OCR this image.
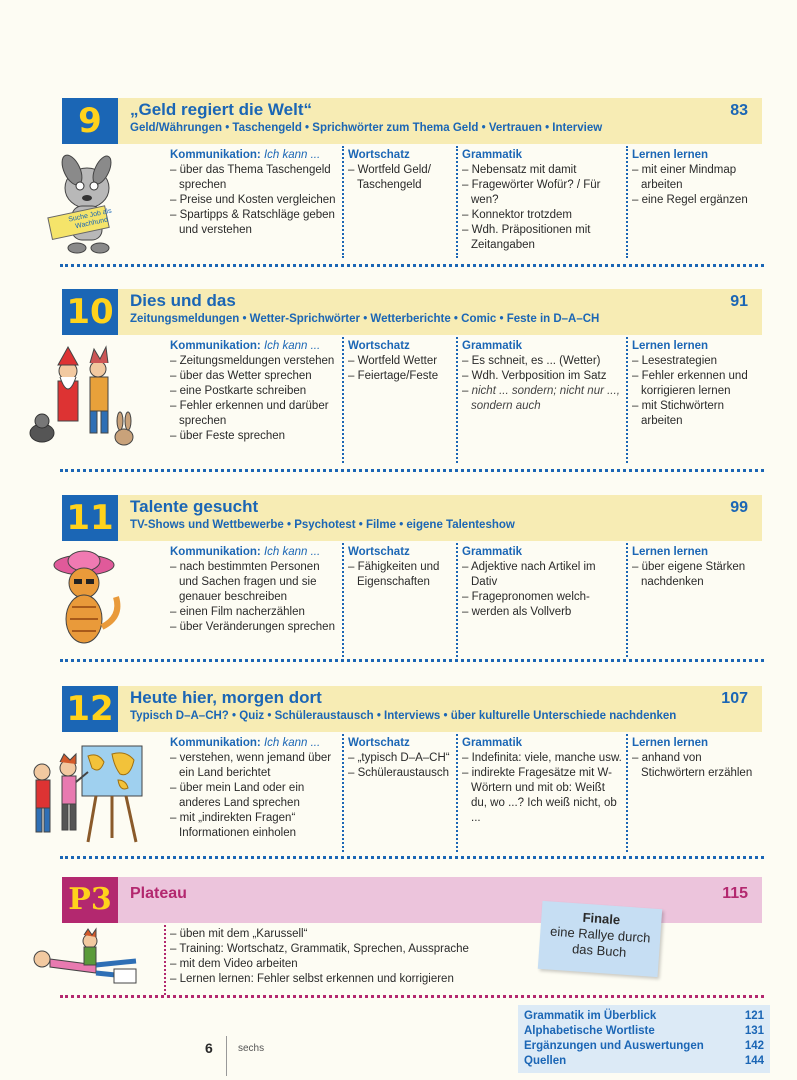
9	„Geld regiert die Welt“
Geld/Währungen • Taschengeld • Sprichwörter zum Thema Geld • Vertrauen • Interview
83
Suche Job als Wachhund
Kommunikation: Ich kann ...
– über das Thema Taschengeld sprechen
– Preise und Kosten vergleichen
– Spartipps & Ratschläge geben und verstehen
Wortschatz
– Wortfeld Geld/ Taschengeld
Grammatik
– Nebensatz mit damit
– Fragewörter Wofür? / Für wen?
– Konnektor trotzdem
– Wdh. Präpositionen mit Zeitangaben
Lernen lernen
– mit einer Mindmap arbeiten
– eine Regel ergänzen
10 Dies und das
Zeitungsmeldungen • Wetter-Sprichwörter • Wetterberichte • Comic • Feste in D–A–CH
91
Kommunikation: Ich kann ...
– Zeitungsmeldungen verstehen
– über das Wetter sprechen
– eine Postkarte schreiben
– Fehler erkennen und darüber sprechen
– über Feste sprechen
Wortschatz
– Wortfeld Wetter
– Feiertage/Feste
Grammatik
– Es schneit, es ... (Wetter)
– Wdh. Verbposition im Satz
– nicht ... sondern; nicht nur ..., sondern auch
Lernen lernen
– Lesestrategien
– Fehler erkennen und korrigieren lernen
– mit Stichwörtern arbeiten
11 Talente gesucht
TV-Shows und Wettbewerbe • Psychotest • Filme • eigene Talenteshow
99
Kommunikation: Ich kann ...
– nach bestimmten Personen und Sachen fragen und sie genauer beschreiben
– einen Film nacherzählen
– über Veränderungen sprechen
Wortschatz
– Fähigkeiten und Eigenschaften
Grammatik
– Adjektive nach Artikel im Dativ
– Fragepronomen welch-
– werden als Vollverb
Lernen lernen
– über eigene Stärken nachdenken
12 Heute hier, morgen dort
Typisch D–A–CH? • Quiz • Schüleraustausch • Interviews • über kulturelle Unterschiede nachdenken
107
Kommunikation: Ich kann ...
– verstehen, wenn jemand über ein Land berichtet
– über mein Land oder ein anderes Land sprechen
– mit „indirekten Fragen“ Informationen einholen
Wortschatz
– „typisch D–A–CH“
– Schüleraustausch
Grammatik
– Indefinita: viele, manche usw.
– indirekte Fragesätze mit W-Wörtern und mit ob: Weißt du, wo ...? Ich weiß nicht, ob ...
Lernen lernen
– anhand von Stichwörtern erzählen
P3	Plateau	115
– üben mit dem „Karussell“
– Training: Wortschatz, Grammatik, Sprechen, Aussprache
– mit dem Video arbeiten
– Lernen lernen: Fehler selbst erkennen und korrigieren
Finale
eine Rallye durch das Buch
Grammatik im Überblick	121
Alphabetische Wortliste	131
Ergänzungen und Auswertungen	142
Quellen	144
6	sechs
